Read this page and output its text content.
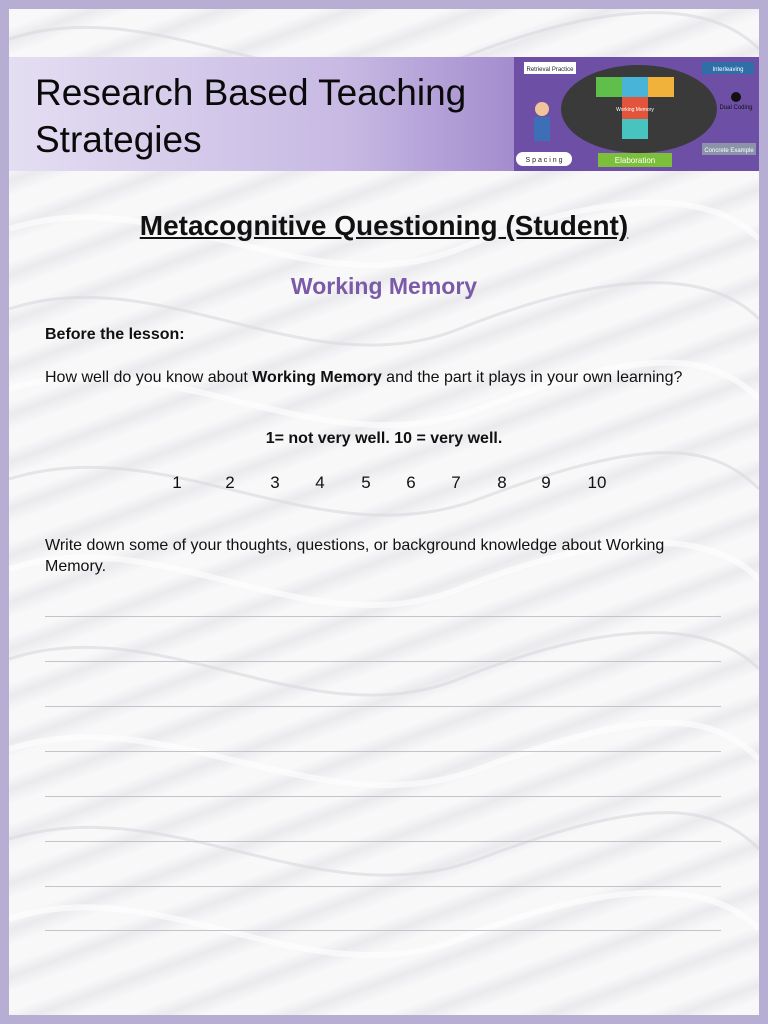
Research Based Teaching Strategies
Retrieval Practice	Interleaving
Working Memory	Dual Coding
S p a c i n g	Elaboration
Concrete Example
Metacognitive Questioning (Student)
Working Memory
Before the lesson:
How well do you know about Working Memory and the part it plays in your own learning?
1= not very well. 10 = very well.
1	2	3	4	5	6	7	8	9	10
Write down some of your thoughts, questions, or background knowledge about Working Memory.
